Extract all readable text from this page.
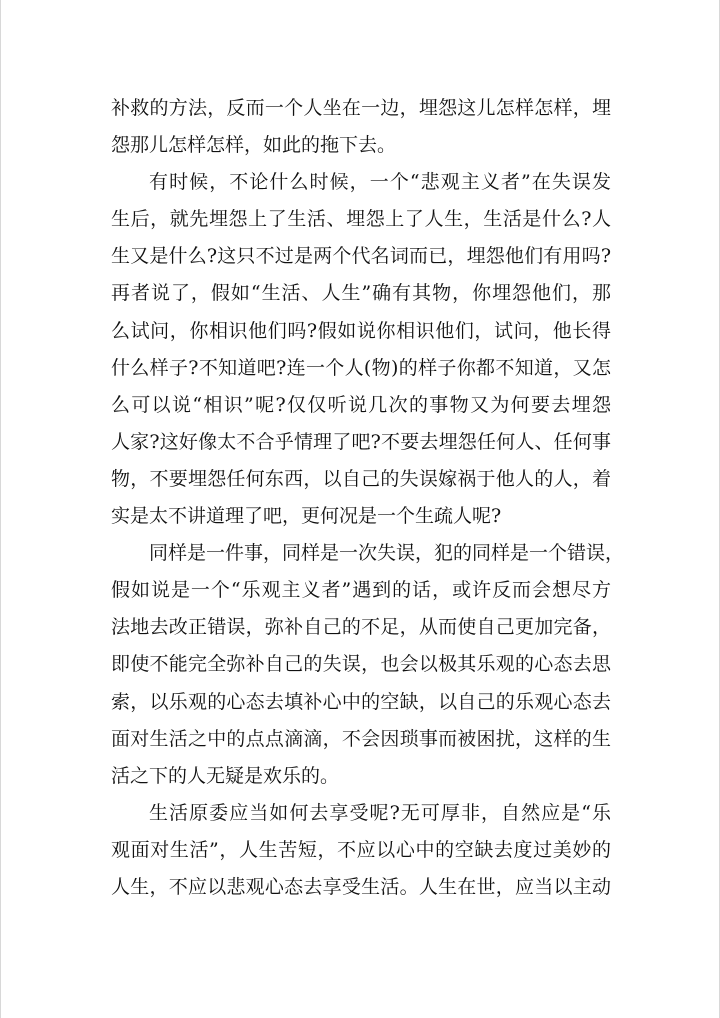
补救的方法，反而一个人坐在一边，埋怨这儿怎样怎样，埋
怨那儿怎样怎样，如此的拖下去。
有时候，不论什么时候，一个“悲观主义者”在失误发
生后，就先埋怨上了生活、埋怨上了人生，生活是什么?人
生又是什么?这只不过是两个代名词而已，埋怨他们有用吗?
再者说了，假如“生活、人生”确有其物，你埋怨他们，那
么试问，你相识他们吗?假如说你相识他们，试问，他长得
什么样子?不知道吧?连一个人(物)的样子你都不知道，又怎
么可以说“相识”呢?仅仅听说几次的事物又为何要去埋怨
人家?这好像太不合乎情理了吧?不要去埋怨任何人、任何事
物，不要埋怨任何东西，以自己的失误嫁祸于他人的人，着
实是太不讲道理了吧，更何况是一个生疏人呢?
同样是一件事，同样是一次失误，犯的同样是一个错误，
假如说是一个“乐观主义者”遇到的话，或许反而会想尽方
法地去改正错误，弥补自己的不足，从而使自己更加完备，
即使不能完全弥补自己的失误，也会以极其乐观的心态去思
索，以乐观的心态去填补心中的空缺，以自己的乐观心态去
面对生活之中的点点滴滴，不会因琐事而被困扰，这样的生
活之下的人无疑是欢乐的。
生活原委应当如何去享受呢?无可厚非，自然应是“乐
观面对生活”，人生苦短，不应以心中的空缺去度过美妙的
人生，不应以悲观心态去享受生活。人生在世，应当以主动
